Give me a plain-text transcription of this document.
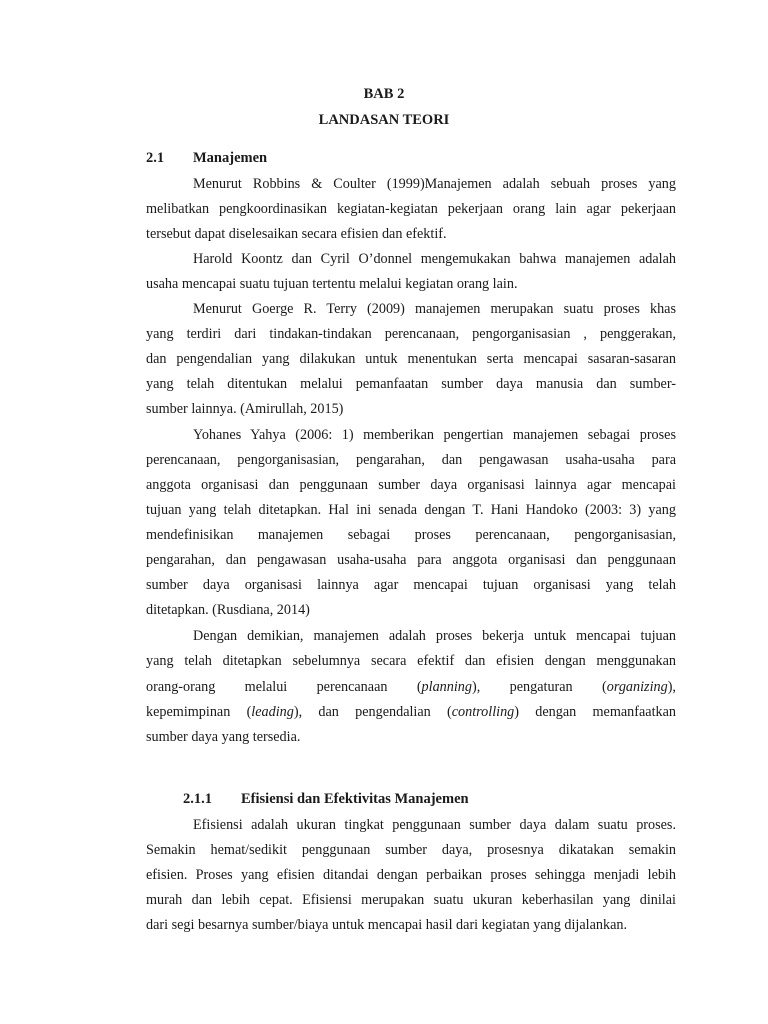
BAB 2
LANDASAN TEORI
2.1 Manajemen
Menurut Robbins & Coulter (1999)Manajemen adalah sebuah proses yang
melibatkan pengkoordinasikan kegiatan-kegiatan pekerjaan orang lain agar pekerjaan
tersebut dapat diselesaikan secara efisien dan efektif.
Harold Koontz dan Cyril O’donnel mengemukakan bahwa manajemen adalah
usaha mencapai suatu tujuan tertentu melalui kegiatan orang lain.
Menurut Goerge R. Terry (2009) manajemen merupakan suatu proses khas
yang terdiri dari tindakan-tindakan perencanaan, pengorganisasian , penggerakan,
dan pengendalian yang dilakukan untuk menentukan serta mencapai sasaran-sasaran
yang telah ditentukan melalui pemanfaatan sumber daya manusia dan sumber-
sumber lainnya. (Amirullah, 2015)
Yohanes Yahya (2006: 1) memberikan pengertian manajemen sebagai proses
perencanaan, pengorganisasian, pengarahan, dan pengawasan usaha-usaha para
anggota organisasi dan penggunaan sumber daya organisasi lainnya agar mencapai
tujuan yang telah ditetapkan. Hal ini senada dengan T. Hani Handoko (2003: 3) yang
mendefinisikan manajemen sebagai proses perencanaan, pengorganisasian,
pengarahan, dan pengawasan usaha-usaha para anggota organisasi dan penggunaan
sumber daya organisasi lainnya agar mencapai tujuan organisasi yang telah
ditetapkan. (Rusdiana, 2014)
Dengan demikian, manajemen adalah proses bekerja untuk mencapai tujuan
yang telah ditetapkan sebelumnya secara efektif dan efisien dengan menggunakan
orang-orang melalui perencanaan (planning), pengaturan (organizing),
kepemimpinan (leading), dan pengendalian (controlling) dengan memanfaatkan
sumber daya yang tersedia.
2.1.1 Efisiensi dan Efektivitas Manajemen
Efisiensi adalah ukuran tingkat penggunaan sumber daya dalam suatu proses.
Semakin hemat/sedikit penggunaan sumber daya, prosesnya dikatakan semakin
efisien. Proses yang efisien ditandai dengan perbaikan proses sehingga menjadi lebih
murah dan lebih cepat. Efisiensi merupakan suatu ukuran keberhasilan yang dinilai
dari segi besarnya sumber/biaya untuk mencapai hasil dari kegiatan yang dijalankan.
